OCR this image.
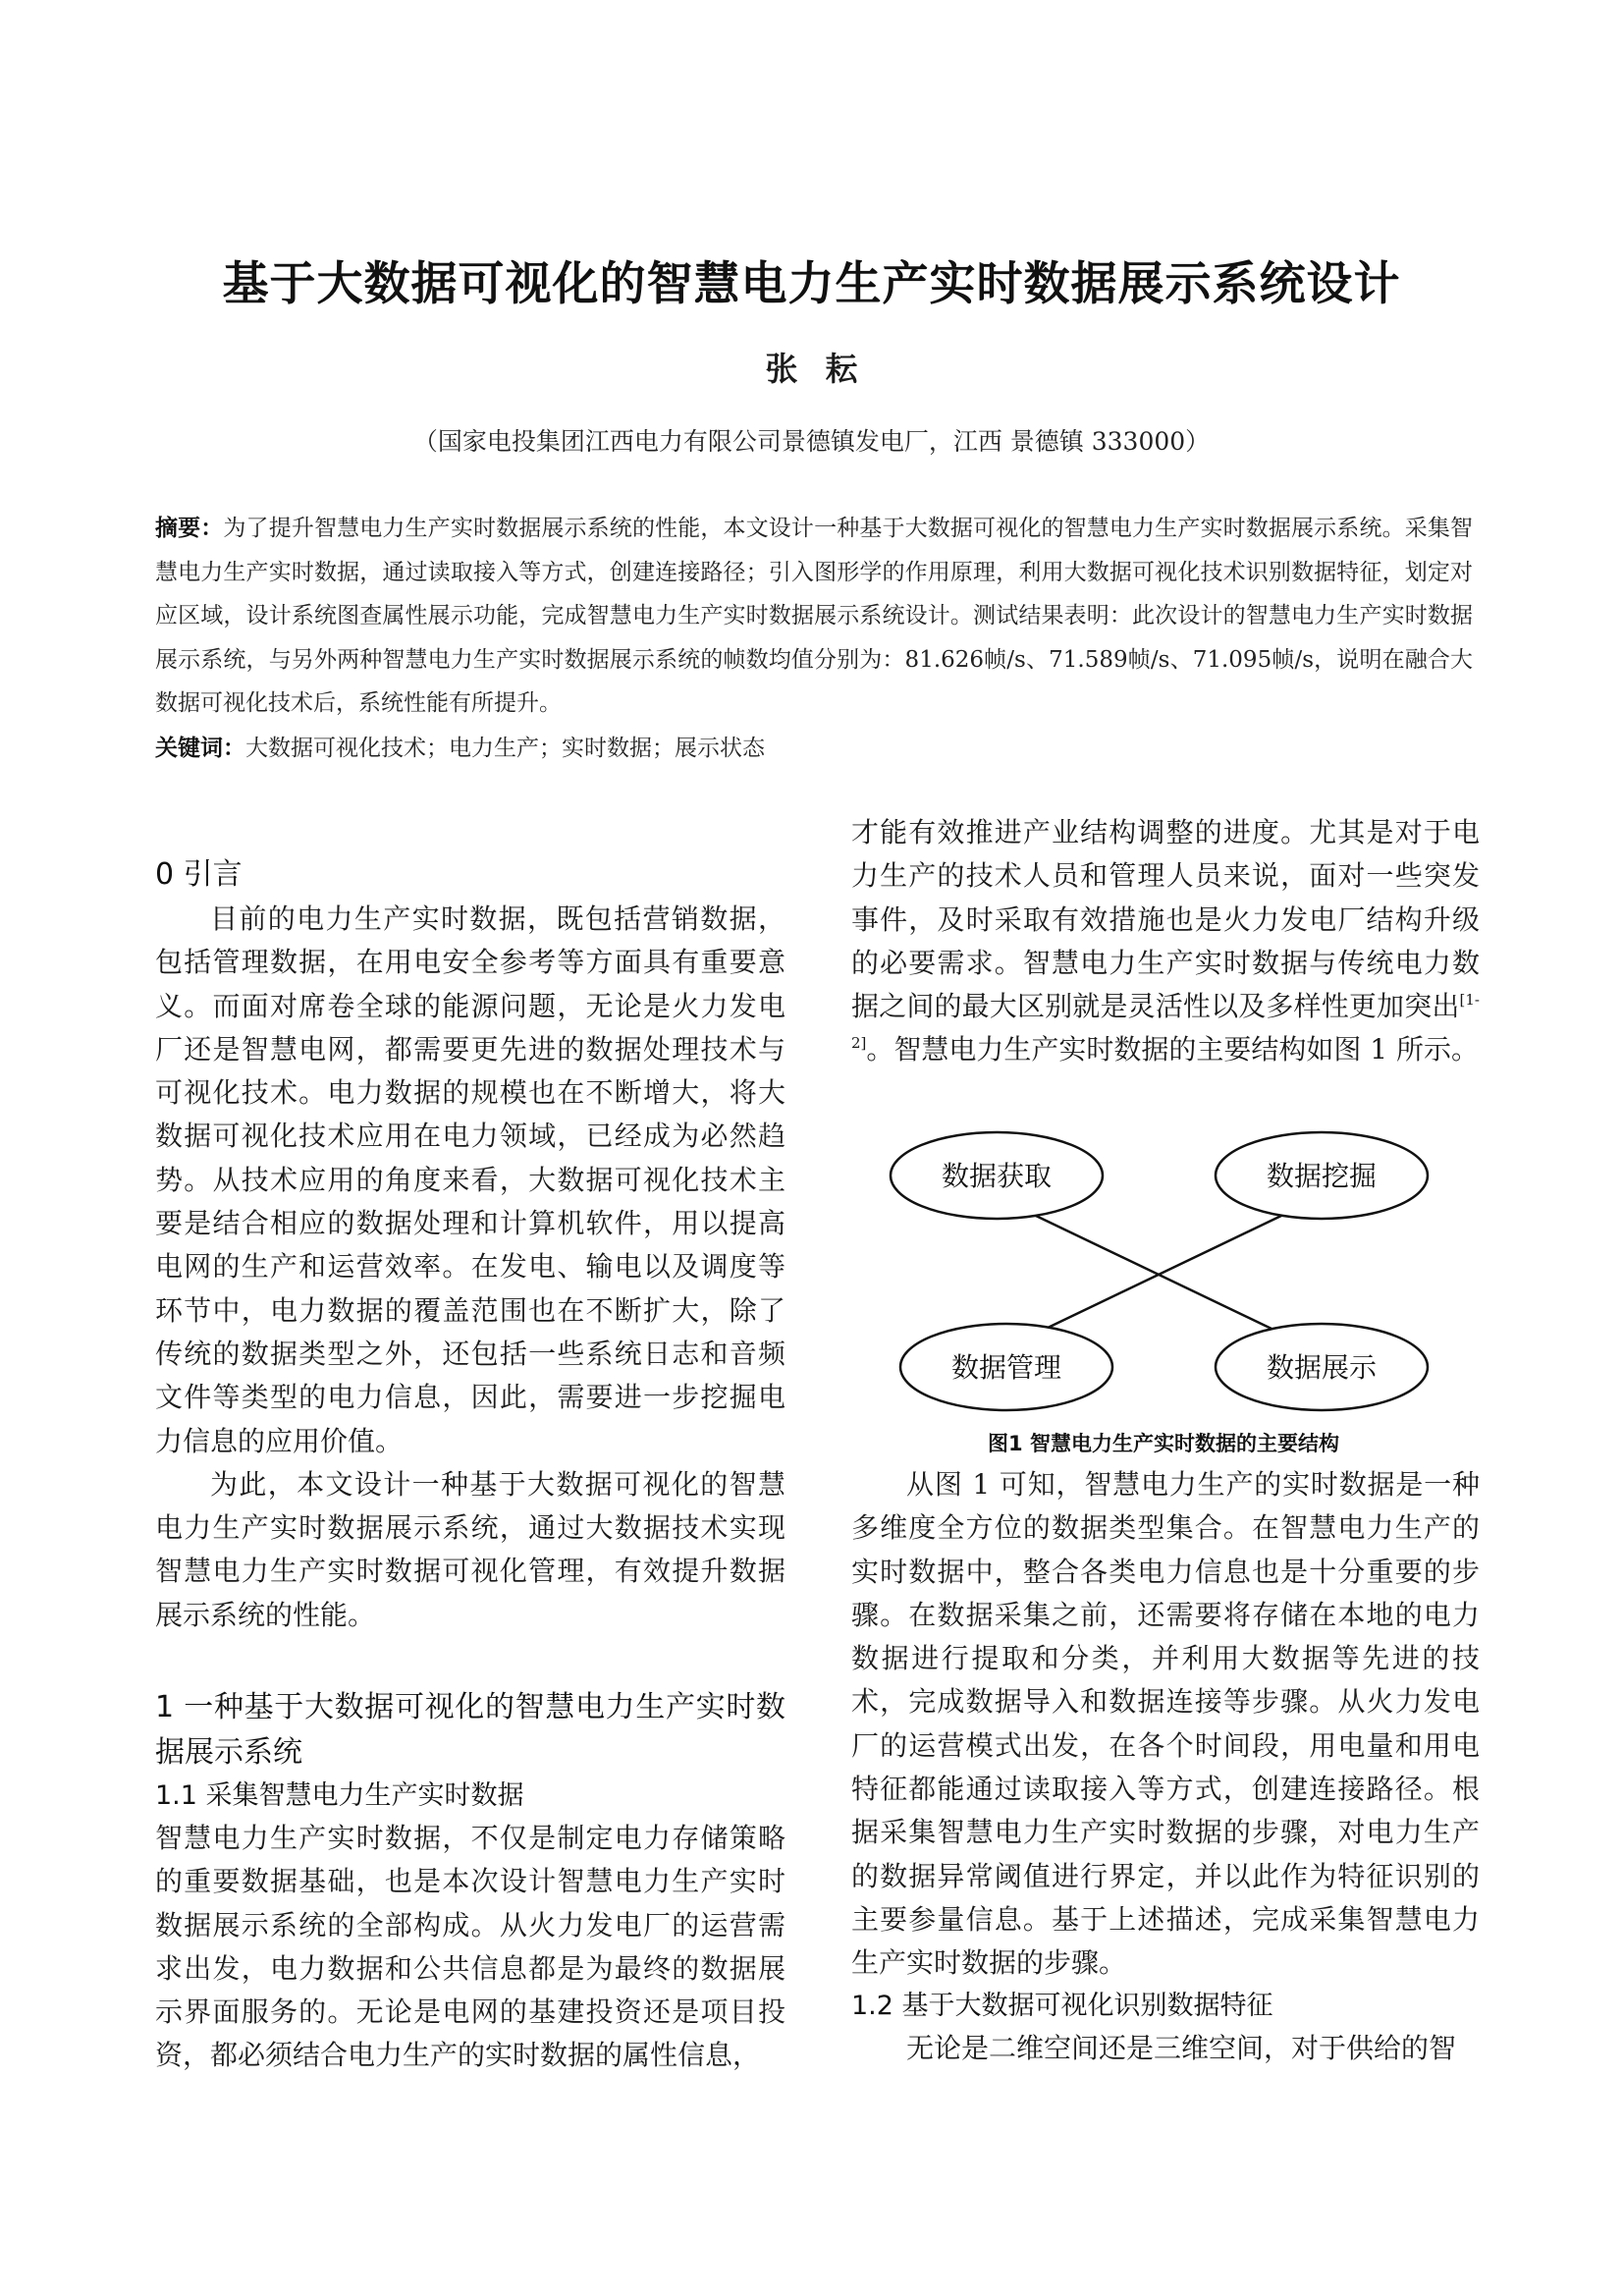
基于大数据可视化的智慧电力生产实时数据展示系统设计
张耘
（国家电投集团江西电力有限公司景德镇发电厂，江西 景德镇 333000）
摘要：为了提升智慧电力生产实时数据展示系统的性能，本文设计一种基于大数据可视化的智慧电力生产实时数据展示系统。采集智慧电力生产实时数据，通过读取接入等方式，创建连接路径；引入图形学的作用原理，利用大数据可视化技术识别数据特征，划定对应区域，设计系统图查属性展示功能，完成智慧电力生产实时数据展示系统设计。测试结果表明：此次设计的智慧电力生产实时数据展示系统，与另外两种智慧电力生产实时数据展示系统的帧数均值分别为：81.626帧/s、71.589帧/s、71.095帧/s，说明在融合大数据可视化技术后，系统性能有所提升。
关键词：大数据可视化技术；电力生产；实时数据；展示状态
0 引言

目前的电力生产实时数据，既包括营销数据，包括管理数据，在用电安全参考等方面具有重要意义。而面对席卷全球的能源问题，无论是火力发电厂还是智慧电网，都需要更先进的数据处理技术与可视化技术。电力数据的规模也在不断增大，将大数据可视化技术应用在电力领域，已经成为必然趋势。从技术应用的角度来看，大数据可视化技术主要是结合相应的数据处理和计算机软件，用以提高电网的生产和运营效率。在发电、输电以及调度等环节中，电力数据的覆盖范围也在不断扩大，除了传统的数据类型之外，还包括一些系统日志和音频文件等类型的电力信息，因此，需要进一步挖掘电力信息的应用价值。

为此，本文设计一种基于大数据可视化的智慧电力生产实时数据展示系统，通过大数据技术实现智慧电力生产实时数据可视化管理，有效提升数据展示系统的性能。

1 一种基于大数据可视化的智慧电力生产实时数据展示系统
1.1 采集智慧电力生产实时数据

智慧电力生产实时数据，不仅是制定电力存储策略的重要数据基础，也是本次设计智慧电力生产实时数据展示系统的全部构成。从火力发电厂的运营需求出发，电力数据和公共信息都是为最终的数据展示界面服务的。无论是电网的基建投资还是项目投资，都必须结合电力生产的实时数据的属性信息，

才能有效推进产业结构调整的进度。尤其是对于电力生产的技术人员和管理人员来说，面对一些突发事件，及时采取有效措施也是火力发电厂结构升级的必要需求。智慧电力生产实时数据与传统电力数据之间的最大区别就是灵活性以及多样性更加突出[1-2]。智慧电力生产实时数据的主要结构如图 1 所示。

数据获取	数据挖掘
数据管理	数据展示
图1 智慧电力生产实时数据的主要结构

从图 1 可知，智慧电力生产的实时数据是一种多维度全方位的数据类型集合。在智慧电力生产的实时数据中，整合各类电力信息也是十分重要的步骤。在数据采集之前，还需要将存储在本地的电力数据进行提取和分类，并利用大数据等先进的技术，完成数据导入和数据连接等步骤。从火力发电厂的运营模式出发，在各个时间段，用电量和用电特征都能通过读取接入等方式，创建连接路径。根据采集智慧电力生产实时数据的步骤，对电力生产的数据异常阈值进行界定，并以此作为特征识别的主要参量信息。基于上述描述，完成采集智慧电力生产实时数据的步骤。

1.2 基于大数据可视化识别数据特征

无论是二维空间还是三维空间，对于供给的智
